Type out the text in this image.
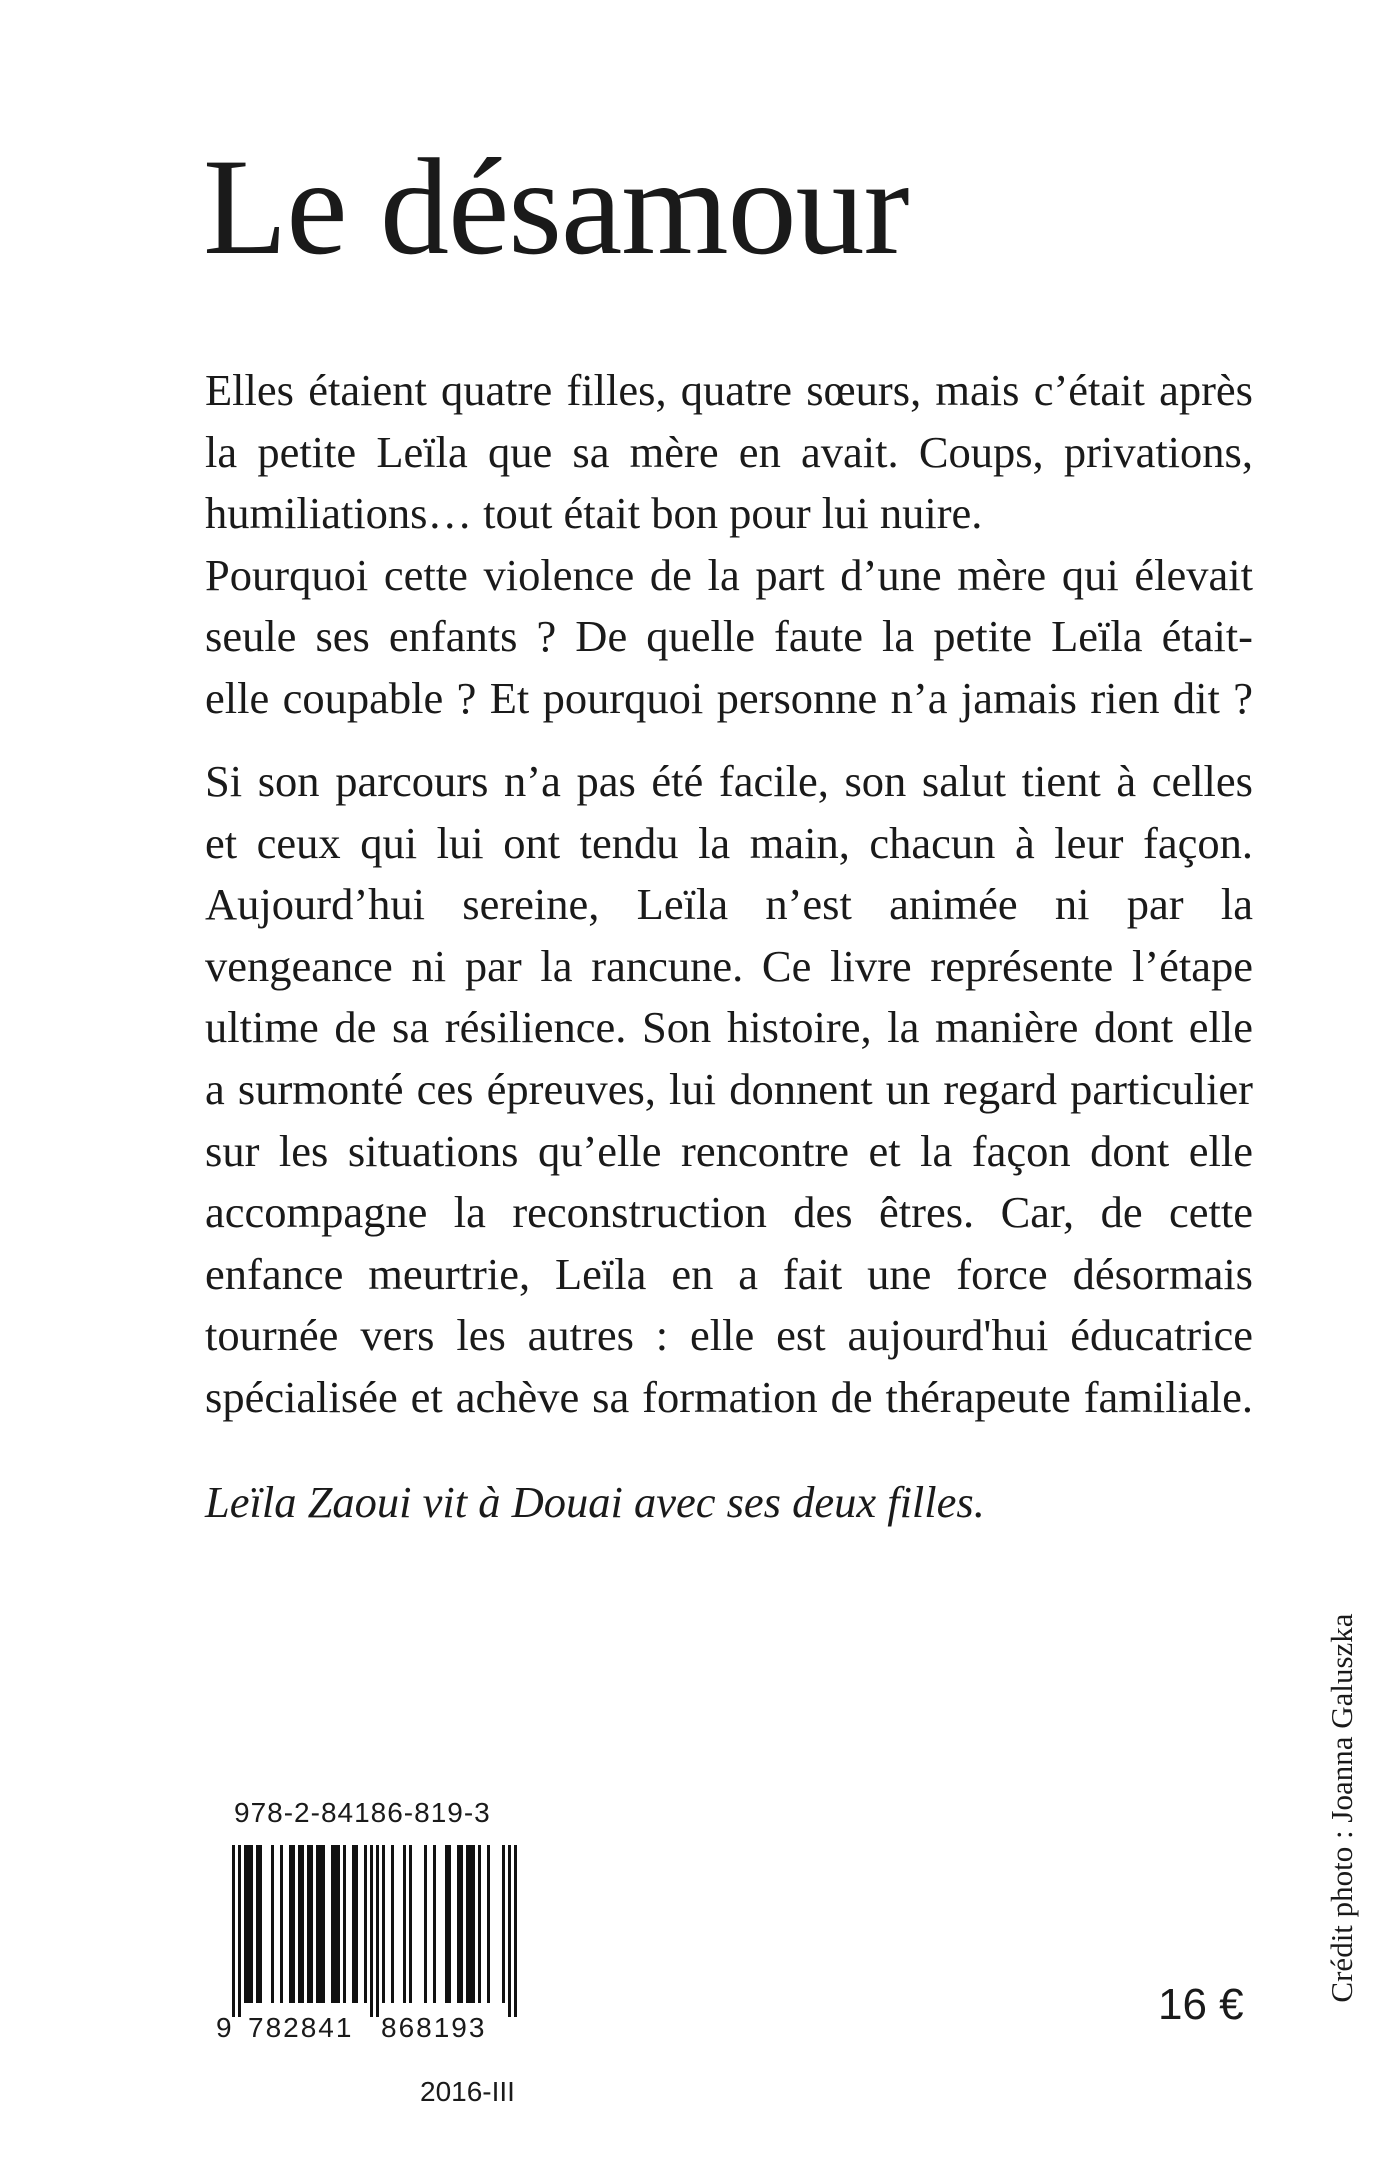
Le désamour
Elles étaient quatre filles, quatre sœurs, mais c’était après
la petite Leïla que sa mère en avait. Coups, privations,
humiliations… tout était bon pour lui nuire.
Pourquoi cette violence de la part d’une mère qui élevait
seule ses enfants ? De quelle faute la petite Leïla était-
elle coupable ? Et pourquoi personne n’a jamais rien dit ?
Si son parcours n’a pas été facile, son salut tient à celles
et ceux qui lui ont tendu la main, chacun à leur façon.
Aujourd’hui sereine, Leïla n’est animée ni par la
vengeance ni par la rancune. Ce livre représente l’étape
ultime de sa résilience. Son histoire, la manière dont elle
a surmonté ces épreuves, lui donnent un regard particulier
sur les situations qu’elle rencontre et la façon dont elle
accompagne la reconstruction des êtres. Car, de cette
enfance meurtrie, Leïla en a fait une force désormais
tournée vers les autres : elle est aujourd'hui éducatrice
spécialisée et achève sa formation de thérapeute familiale.
Leïla Zaoui vit à Douai avec ses deux filles.
Crédit photo : Joanna Galuszka
978-2-84186-819-3
9 782841 868193
2016-III
16 €
